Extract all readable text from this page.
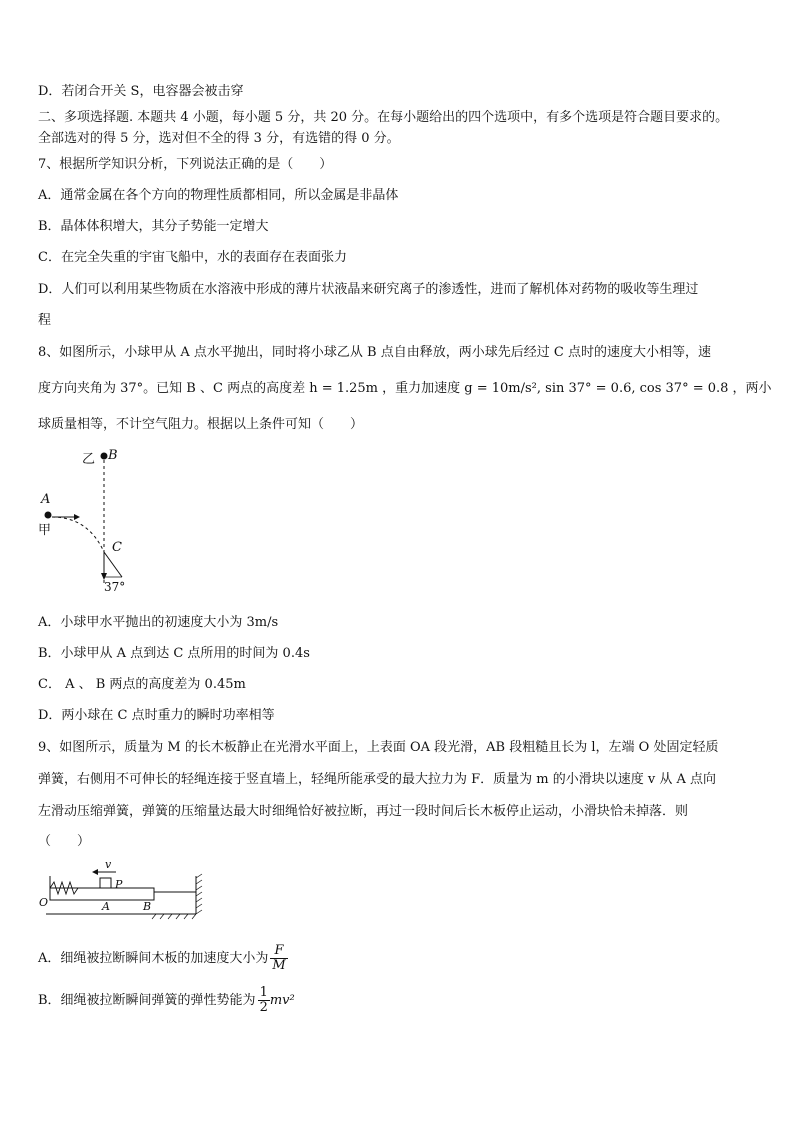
D．若闭合开关 S，电容器会被击穿
二、多项选择题. 本题共 4 小题，每小题 5 分，共 20 分。在每小题给出的四个选项中，有多个选项是符合题目要求的。
全部选对的得 5 分，选对但不全的得 3 分，有选错的得 0 分。
7、根据所学知识分析，下列说法正确的是（　　）
A．通常金属在各个方向的物理性质都相同，所以金属是非晶体
B．晶体体积增大，其分子势能一定增大
C．在完全失重的宇宙飞船中，水的表面存在表面张力
D．人们可以利用某些物质在水溶液中形成的薄片状液晶来研究离子的渗透性，进而了解机体对药物的吸收等生理过
程
8、如图所示，小球甲从 A 点水平抛出，同时将小球乙从 B 点自由释放，两小球先后经过 C 点时的速度大小相等，速
度方向夹角为 37°。已知 B 、C 两点的高度差 h = 1.25m ，重力加速度 g = 10m/s², sin 37° = 0.6, cos 37° = 0.8 ，两小
球质量相等，不计空气阻力。根据以上条件可知（　　）
乙 B
A
甲
C
37°
A．小球甲水平抛出的初速度大小为 3m/s
B．小球甲从 A 点到达 C 点所用的时间为 0.4s
C． A 、 B 两点的高度差为 0.45m
D．两小球在 C 点时重力的瞬时功率相等
9、如图所示，质量为 M 的长木板静止在光滑水平面上，上表面 OA 段光滑，AB 段粗糙且长为 l，左端 O 处固定轻质
弹簧，右侧用不可伸长的轻绳连接于竖直墙上，轻绳所能承受的最大拉力为 F．质量为 m 的小滑块以速度 v 从 A 点向
左滑动压缩弹簧，弹簧的压缩量达最大时细绳恰好被拉断，再过一段时间后长木板停止运动，小滑块恰未掉落．则
（　　）
v
P
O	A	B
A．细绳被拉断瞬间木板的加速度大小为 $\frac{F}{M}$
B．细绳被拉断瞬间弹簧的弹性势能为 $\frac{1}{2} mv^2$
